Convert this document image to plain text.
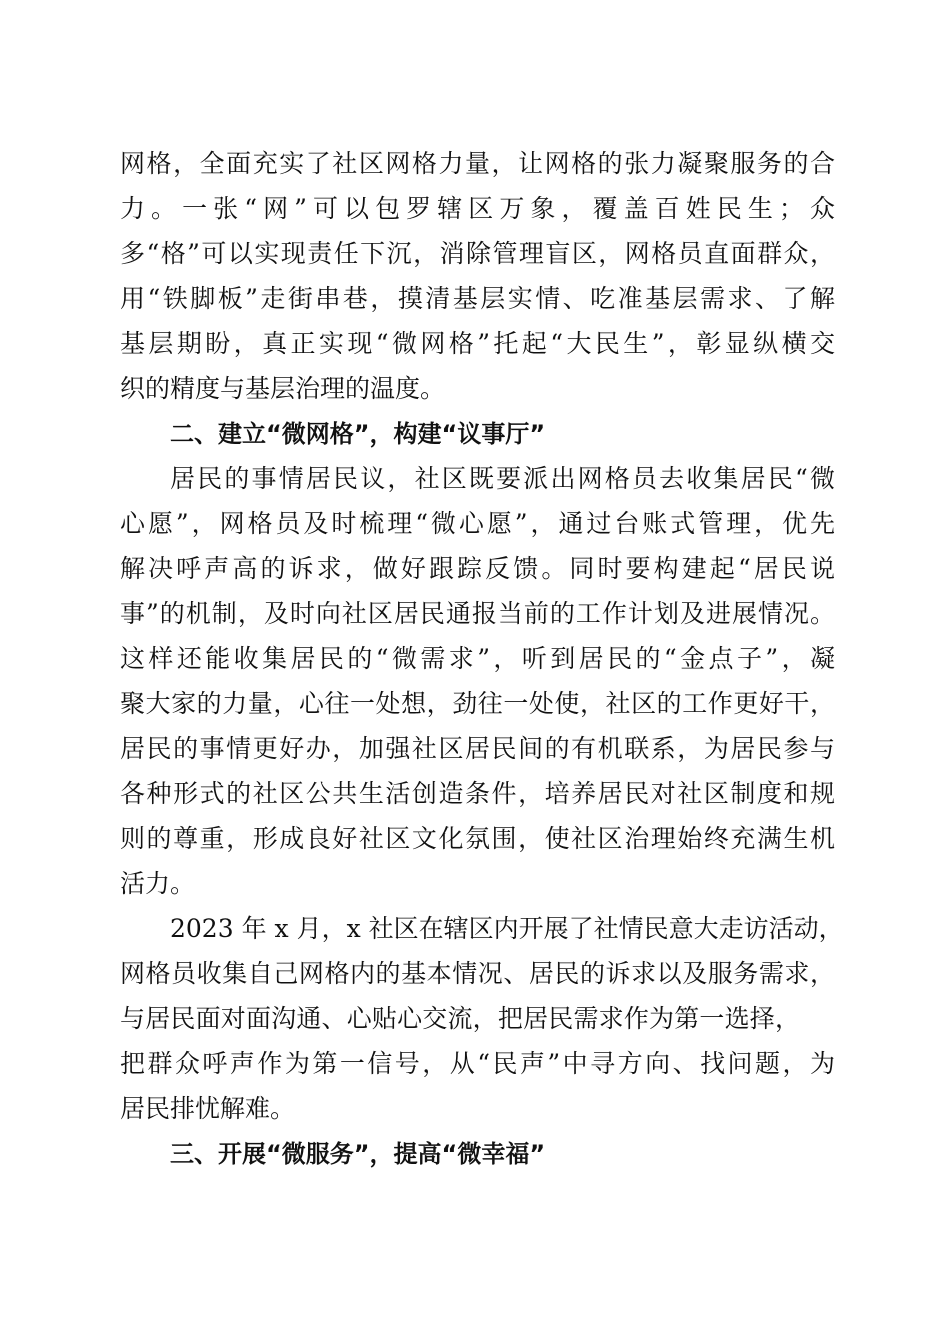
网格，全面充实了社区网格力量，让网格的张力凝聚服务的合
力。一张“网”可以包罗辖区万象，覆盖百姓民生；众
多“格”可以实现责任下沉，消除管理盲区，网格员直面群众，
用“铁脚板”走街串巷，摸清基层实情、吃准基层需求、了解
基层期盼，真正实现“微网格”托起“大民生”，彰显纵横交
织的精度与基层治理的温度。
二、建立“微网格”，构建“议事厅”
居民的事情居民议，社区既要派出网格员去收集居民“微
心愿”，网格员及时梳理“微心愿”，通过台账式管理，优先
解决呼声高的诉求，做好跟踪反馈。同时要构建起“居民说
事”的机制，及时向社区居民通报当前的工作计划及进展情况。
这样还能收集居民的“微需求”，听到居民的“金点子”，凝
聚大家的力量，心往一处想，劲往一处使，社区的工作更好干，
居民的事情更好办，加强社区居民间的有机联系，为居民参与
各种形式的社区公共生活创造条件，培养居民对社区制度和规
则的尊重，形成良好社区文化氛围，使社区治理始终充满生机
活力。
2023 年 x 月，x 社区在辖区内开展了社情民意大走访活动，
网格员收集自己网格内的基本情况、居民的诉求以及服务需求，
与居民面对面沟通、心贴心交流，把居民需求作为第一选择，
把群众呼声作为第一信号，从“民声”中寻方向、找问题，为
居民排忧解难。
三、开展“微服务”，提高“微幸福”
